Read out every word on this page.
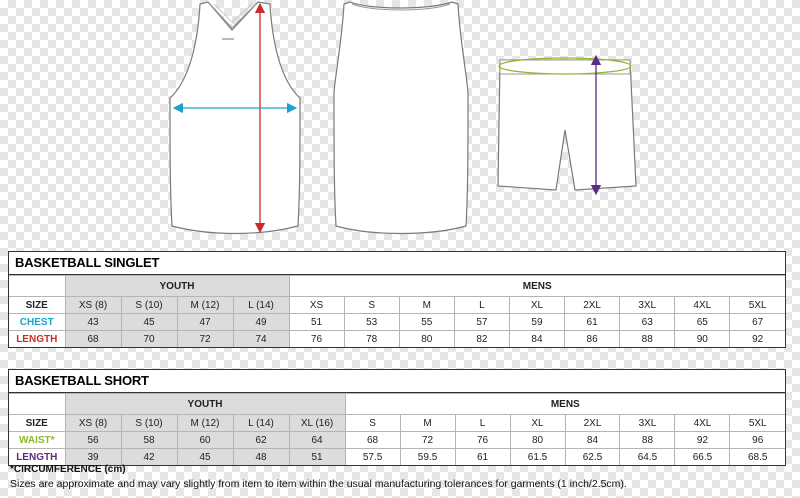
BASKETBALL SINGLET
	YOUTH				MENS								
SIZE	XS (8)	S (10)	M (12)	L (14)	XS	S	M	L	XL	2XL	3XL	4XL	5XL
CHEST	43	45	47	49	51	53	55	57	59	61	63	65	67
LENGTH	68	70	72	74	76	78	80	82	84	86	88	90	92
BASKETBALL SHORT
	YOUTH					MENS							
SIZE	XS (8)	S (10)	M (12)	L (14)	XL (16)	S	M	L	XL	2XL	3XL	4XL	5XL
WAIST*	56	58	60	62	64	68	72	76	80	84	88	92	96
LENGTH	39	42	45	48	51	57.5	59.5	61	61.5	62.5	64.5	66.5	68.5
*CIRCUMFERENCE (cm)
Sizes are approximate and may vary slightly from item to item within the usual manufacturing tolerances for garments (1 inch/2.5cm).
